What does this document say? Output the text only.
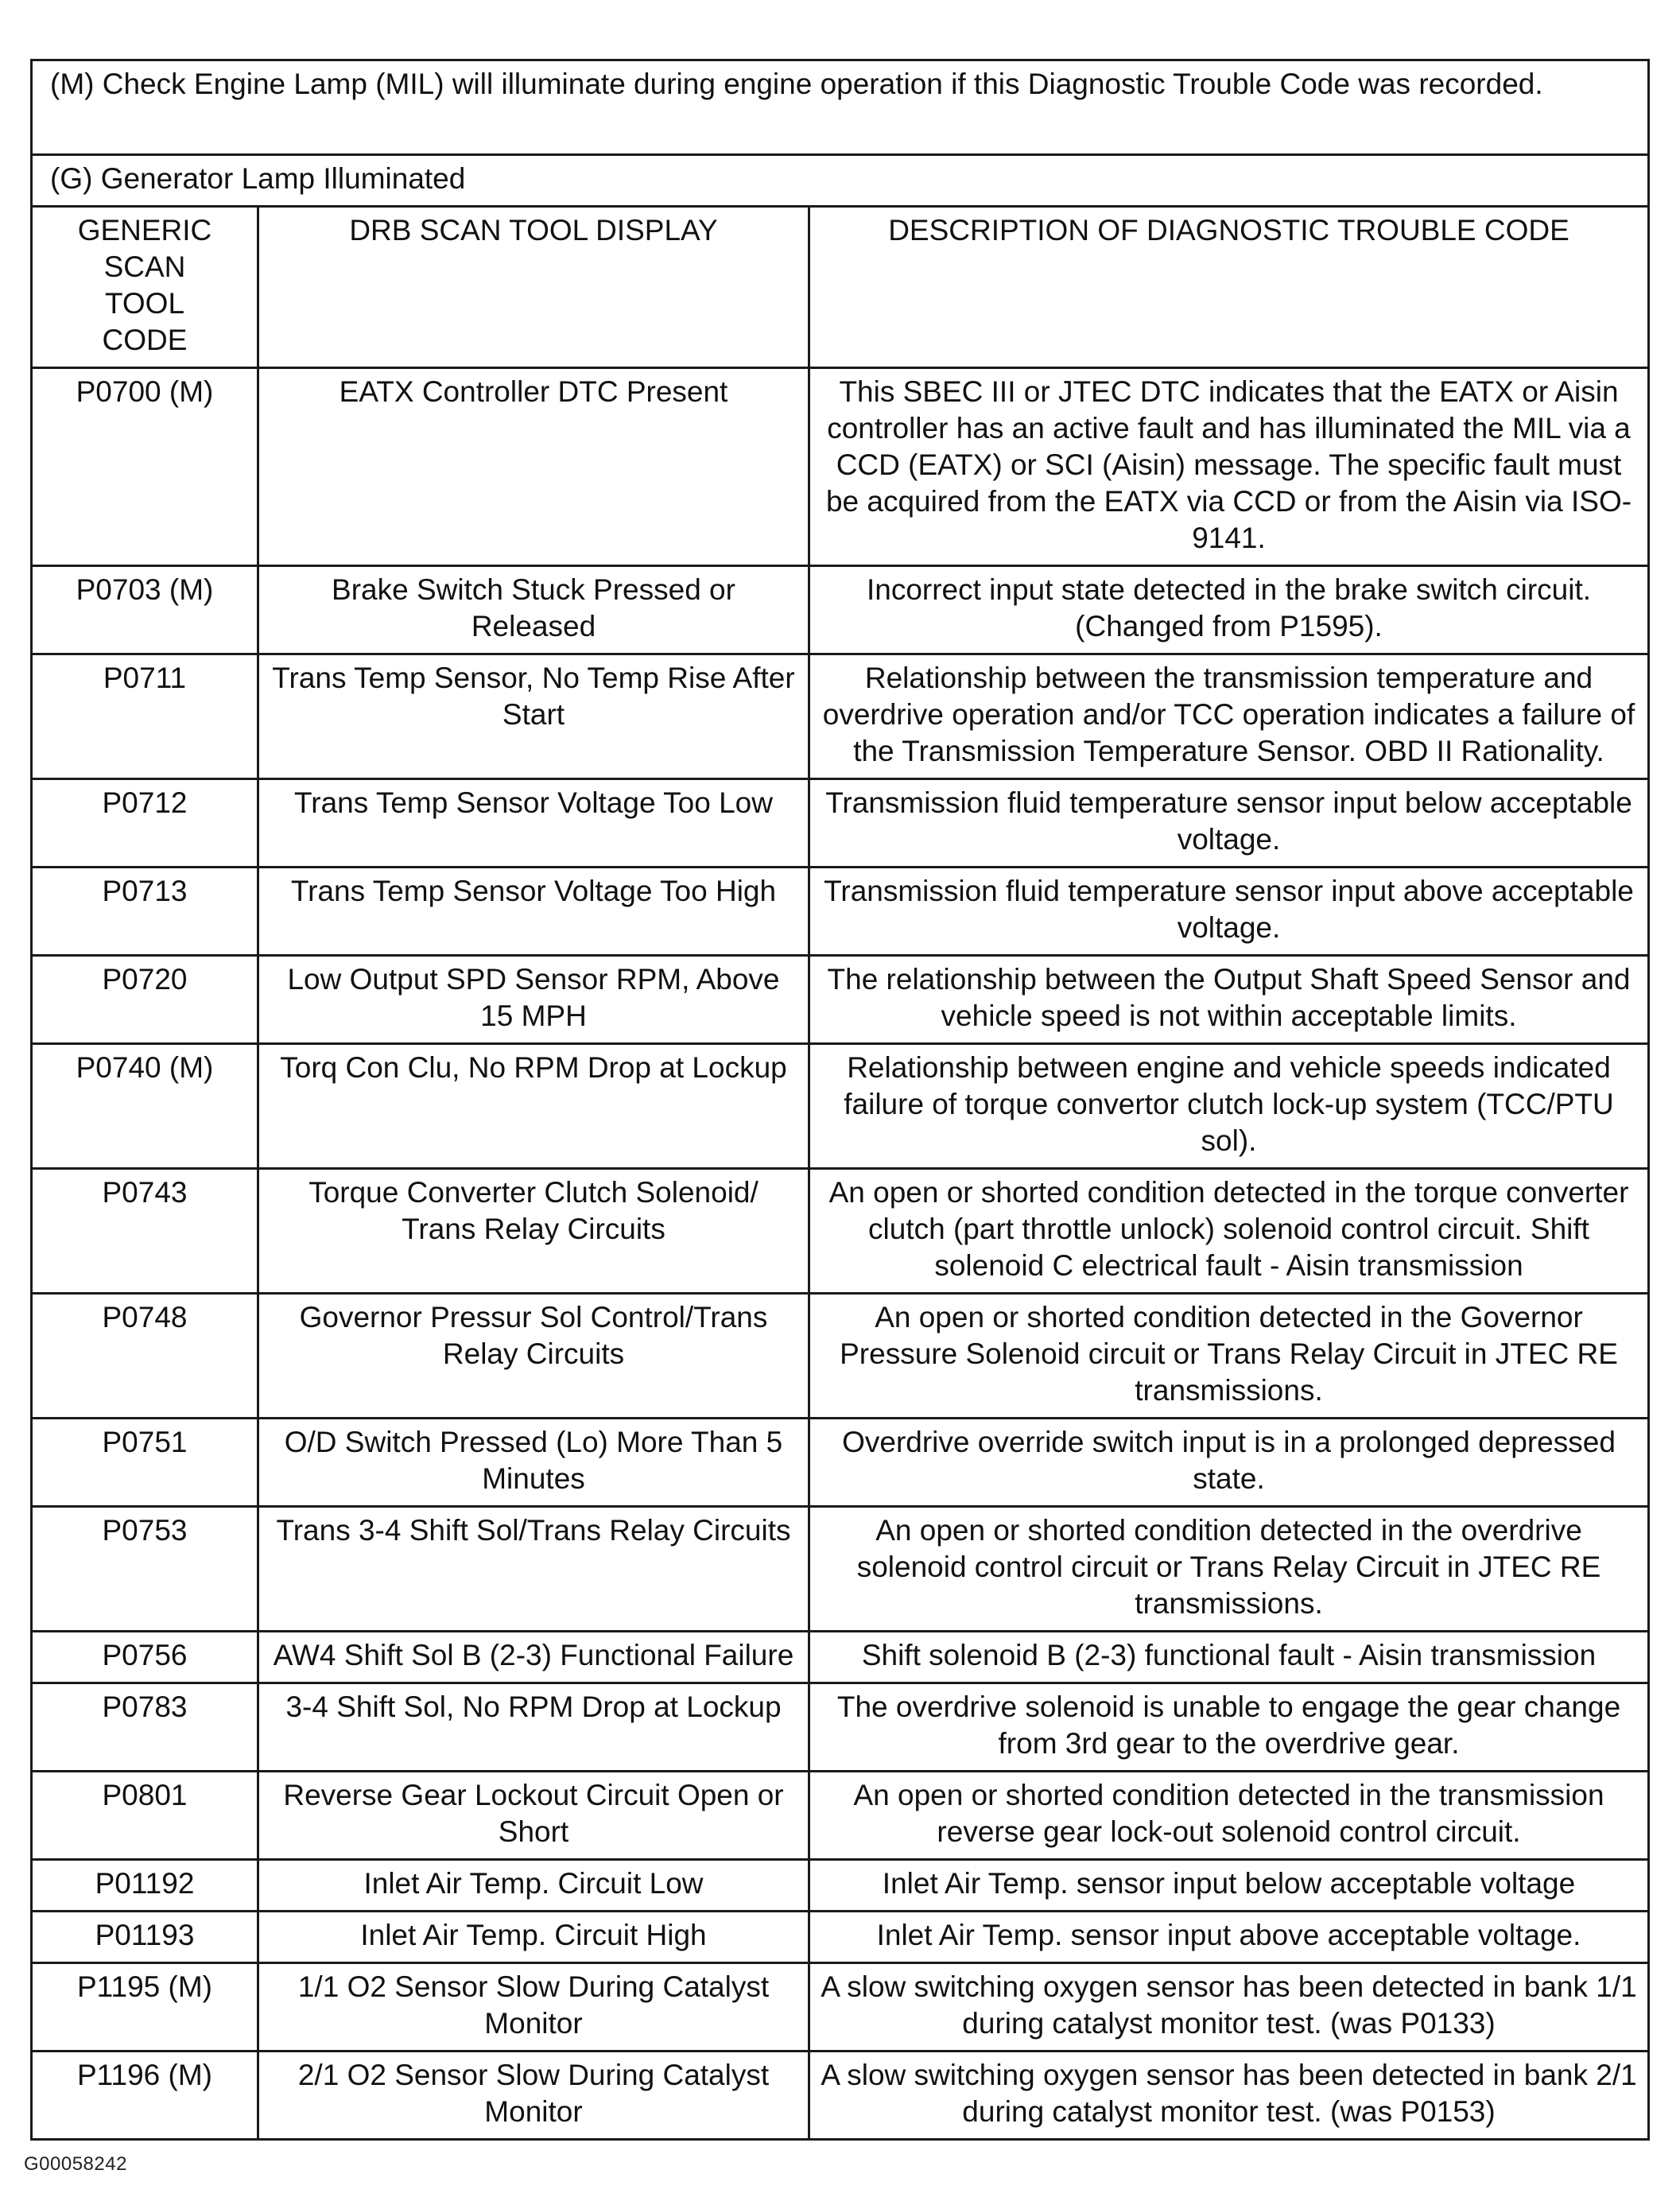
(M) Check Engine Lamp (MIL) will illuminate during engine operation if this Diagnostic Trouble Code was recorded.		
(G) Generator Lamp Illuminated		
GENERIC SCAN TOOL CODE	DRB SCAN TOOL DISPLAY	DESCRIPTION OF DIAGNOSTIC TROUBLE CODE
P0700 (M)	EATX Controller DTC Present	This SBEC III or JTEC DTC indicates that the EATX or Aisin controller has an active fault and has illuminated the MIL via a CCD (EATX) or SCI (Aisin) message. The specific fault must be acquired from the EATX via CCD or from the Aisin via ISO-9141.
P0703 (M)	Brake Switch Stuck Pressed or Released	Incorrect input state detected in the brake switch circuit. (Changed from P1595).
P0711	Trans Temp Sensor, No Temp Rise After Start	Relationship between the transmission temperature and overdrive operation and/or TCC operation indicates a failure of the Transmission Temperature Sensor. OBD II Rationality.
P0712	Trans Temp Sensor Voltage Too Low	Transmission fluid temperature sensor input below acceptable voltage.
P0713	Trans Temp Sensor Voltage Too High	Transmission fluid temperature sensor input above acceptable voltage.
P0720	Low Output SPD Sensor RPM, Above 15 MPH	The relationship between the Output Shaft Speed Sensor and vehicle speed is not within acceptable limits.
P0740 (M)	Torq Con Clu, No RPM Drop at Lockup	Relationship between engine and vehicle speeds indicated failure of torque convertor clutch lock-up system (TCC/PTU sol).
P0743	Torque Converter Clutch Solenoid/ Trans Relay Circuits	An open or shorted condition detected in the torque converter clutch (part throttle unlock) solenoid control circuit. Shift solenoid C electrical fault - Aisin transmission
P0748	Governor Pressur Sol Control/Trans Relay Circuits	An open or shorted condition detected in the Governor Pressure Solenoid circuit or Trans Relay Circuit in JTEC RE transmissions.
P0751	O/D Switch Pressed (Lo) More Than 5 Minutes	Overdrive override switch input is in a prolonged depressed state.
P0753	Trans 3-4 Shift Sol/Trans Relay Circuits	An open or shorted condition detected in the overdrive solenoid control circuit or Trans Relay Circuit in JTEC RE transmissions.
P0756	AW4 Shift Sol B (2-3) Functional Failure	Shift solenoid B (2-3) functional fault - Aisin transmission
P0783	3-4 Shift Sol, No RPM Drop at Lockup	The overdrive solenoid is unable to engage the gear change from 3rd gear to the overdrive gear.
P0801	Reverse Gear Lockout Circuit Open or Short	An open or shorted condition detected in the transmission reverse gear lock-out solenoid control circuit.
P01192	Inlet Air Temp. Circuit Low	Inlet Air Temp. sensor input below acceptable voltage
P01193	Inlet Air Temp. Circuit High	Inlet Air Temp. sensor input above acceptable voltage.
P1195 (M)	1/1 O2 Sensor Slow During Catalyst Monitor	A slow switching oxygen sensor has been detected in bank 1/1 during catalyst monitor test. (was P0133)
P1196 (M)	2/1 O2 Sensor Slow During Catalyst Monitor	A slow switching oxygen sensor has been detected in bank 2/1 during catalyst monitor test. (was P0153)
G00058242
